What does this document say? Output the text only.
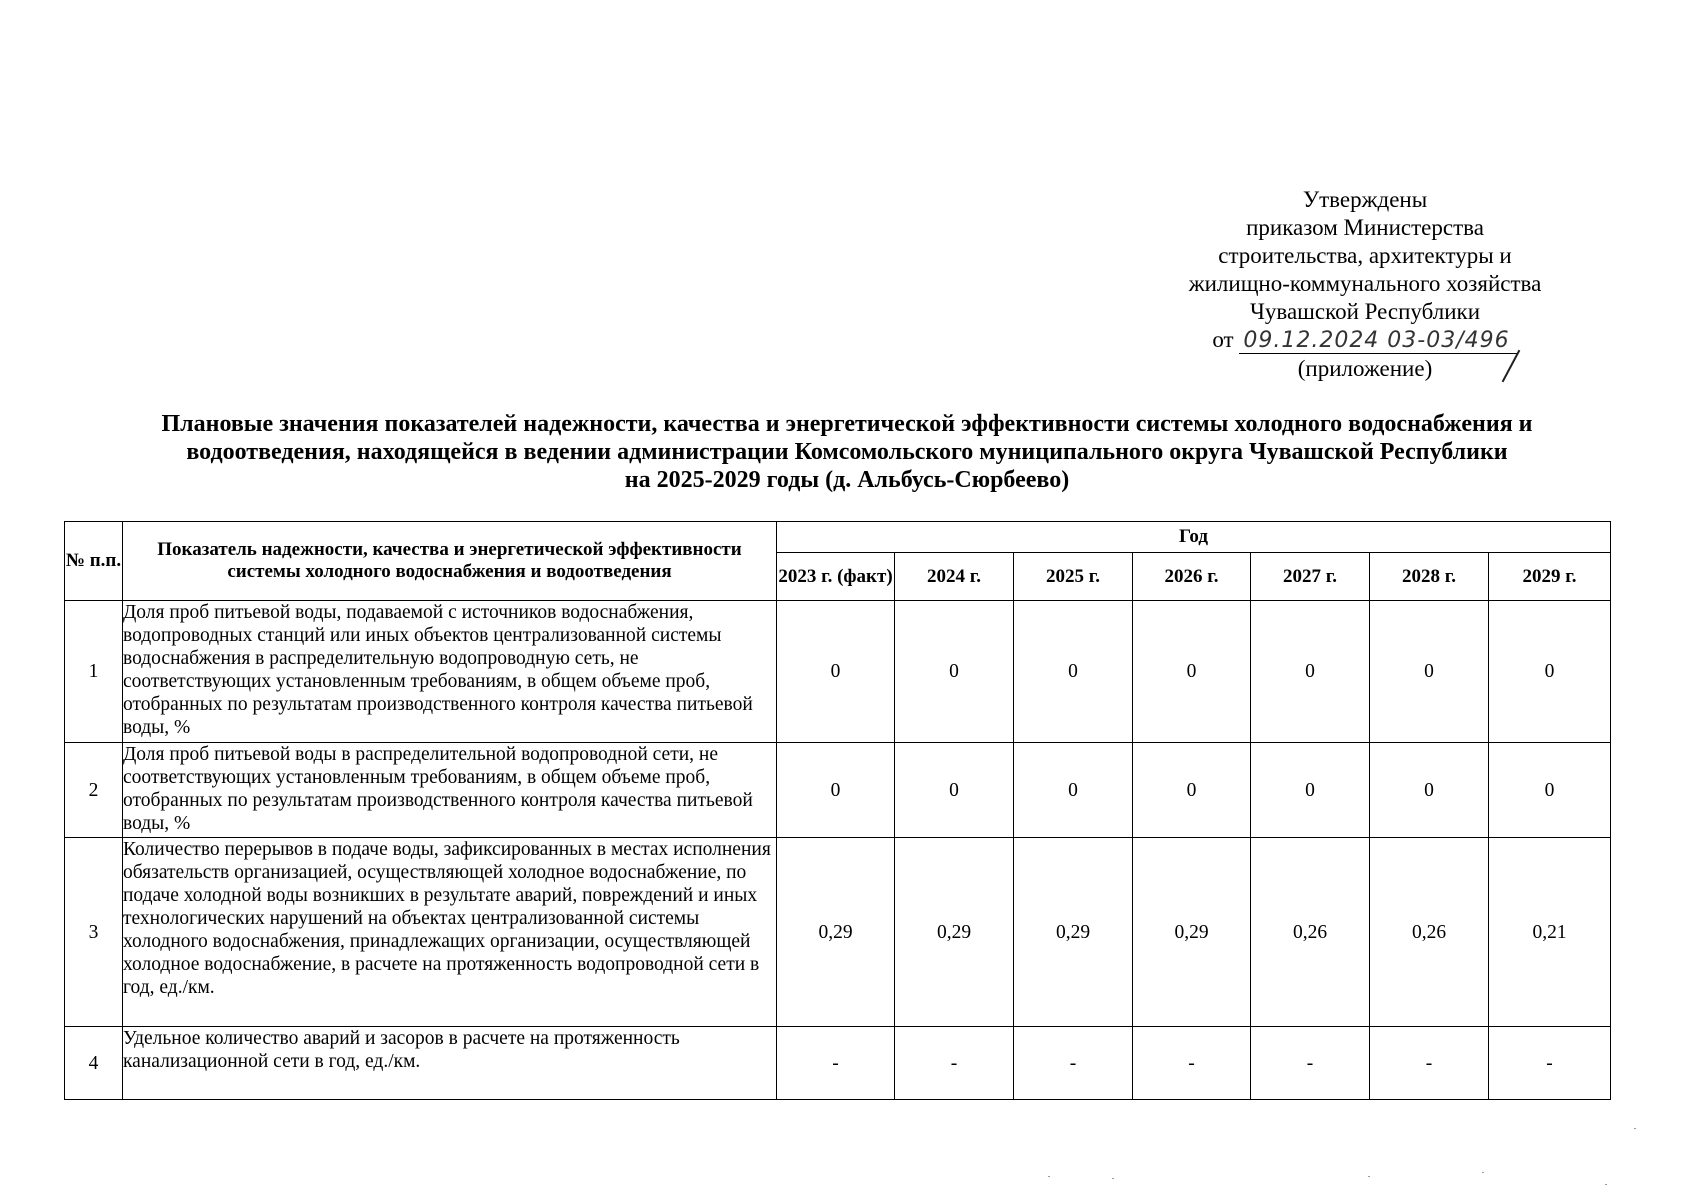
Утверждены
приказом Министерства
строительства, архитектуры и
жилищно-коммунального хозяйства
Чувашской Республики
от 09.12.2024 03-03/496
(приложение)
Плановые значения показателей надежности, качества и энергетической эффективности системы холодного водоснабжения и
водоотведения, находящейся в ведении администрации Комсомольского муниципального округа Чувашской Республики
на 2025-2029 годы (д. Альбусь-Сюрбеево)
№ п.п.	Показатель надежности, качества и энергетической эффективности системы холодного водоснабжения и водоотведения	Год						
		2023 г. (факт)	2024 г.	2025 г.	2026 г.	2027 г.	2028 г.	2029 г.
1	Доля проб питьевой воды, подаваемой с источников водоснабжения, водопроводных станций или иных объектов централизованной системы водоснабжения в распределительную водопроводную сеть, не соответствующих установленным требованиям, в общем объеме проб, отобранных по результатам производственного контроля качества питьевой воды, %	0	0	0	0	0	0	0
2	Доля проб питьевой воды в распределительной водопроводной сети, не соответствующих установленным требованиям, в общем объеме проб, отобранных по результатам производственного контроля качества питьевой воды, %	0	0	0	0	0	0	0
3	Количество перерывов в подаче воды, зафиксированных в местах исполнения обязательств организацией, осуществляющей холодное водоснабжение, по подаче холодной воды возникших в результате аварий, повреждений и иных технологических нарушений на объектах централизованной системы холодного водоснабжения, принадлежащих организации, осуществляющей холодное водоснабжение, в расчете на протяженность водопроводной сети в год, ед./км.	0,29	0,29	0,29	0,29	0,26	0,26	0,21
4	Удельное количество аварий и засоров в расчете на протяженность канализационной сети в год, ед./км.	-	-	-	-	-	-	-
